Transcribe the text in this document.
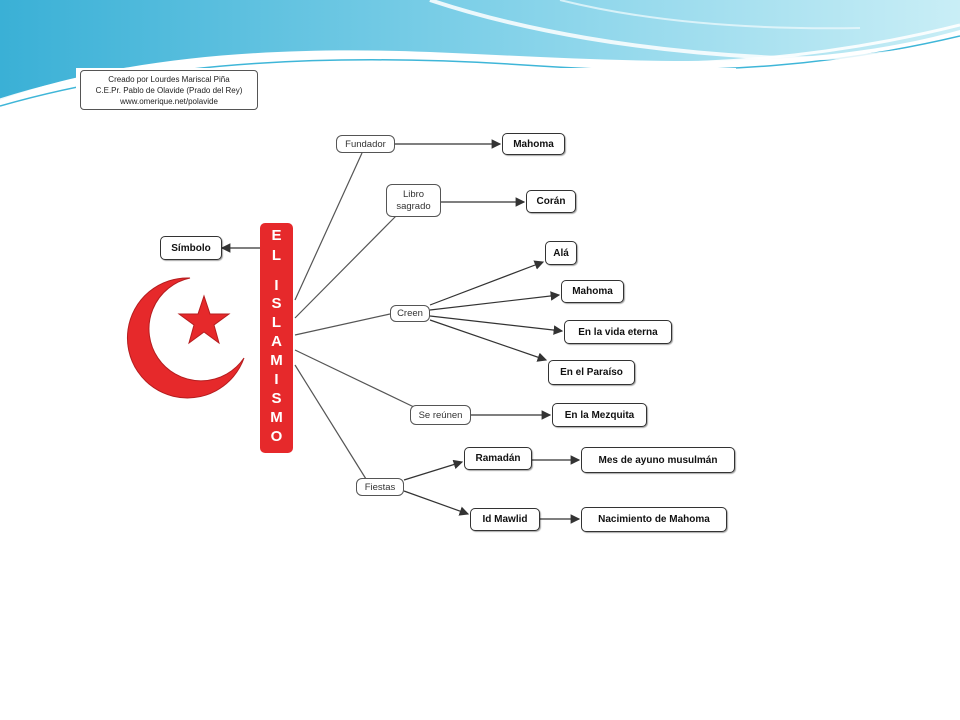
Creado por Lourdes Mariscal Piña
C.E.Pr. Pablo de Olavide (Prado del Rey)
www.omerique.net/polavide
E
L
I
S
L
A
M
I
S
M
O
Símbolo
Fundador
Libro sagrado
Creen
Se reúnen
Fiestas
Mahoma
Corán
Alá
Mahoma
En la vida eterna
En el Paraíso
En la Mezquita
Ramadán	Mes de ayuno musulmán
Id Mawlid	Nacimiento de Mahoma
